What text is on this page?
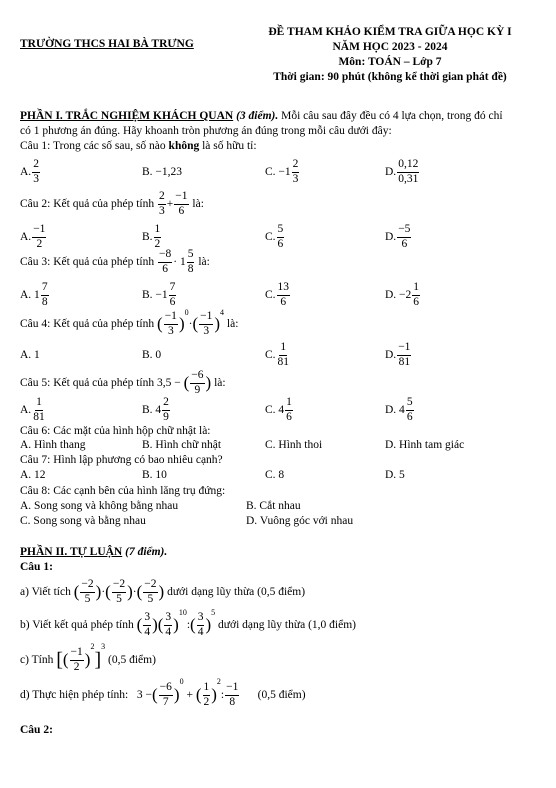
TRƯỜNG THCS HAI BÀ TRƯNG
ĐỀ THAM KHẢO KIỂM TRA GIỮA HỌC KỲ I
NĂM HỌC 2023 - 2024
Môn: TOÁN – Lớp 7
Thời gian: 90 phút (không kể thời gian phát đề)
PHẦN I. TRẮC NGHIỆM KHÁCH QUAN (3 điểm). Mỗi câu sau đây đều có 4 lựa chọn, trong đó chỉ
có 1 phương án đúng. Hãy khoanh tròn phương án đúng trong mỗi câu dưới đây:
Câu 1: Trong các số sau, số nào không là số hữu tỉ:
A. $\frac{2}{3}$	B. −1,23	C. $-1 \frac{2}{3}$	D. $\frac{0,12}{0,31}$
Câu 2: Kết quả của phép tính
$\frac{2}{3} + \frac{-1}{6}$
là:
A. $\frac{-1}{2}$	B. $\frac{1}{2}$	C. $\frac{5}{6}$	D. $\frac{-5}{6}$
Câu 3: Kết quả của phép tính
$\frac{-8}{6} \cdot 1 \frac{5}{8}$
là:
A. $1 \frac{7}{8}$	B. $-1 \frac{7}{6}$	C. $\frac{13}{6}$	D. $-2 \frac{1}{6}$
Câu 4: Kết quả của phép tính
( $\frac{-1}{3}$ )
0
· ( $\frac{-1}{3}$ )
4

là:
A. 1	B. 0	C. $\frac{1}{81}$	D. $\frac{-1}{81}$
Câu 5: Kết quả của phép tính 3,5 −
( $\frac{-6}{9}$ )
là:
A. $\frac{1}{81}$	B. $4 \frac{2}{9}$	C. $4 \frac{1}{6}$	D. $4 \frac{5}{6}$
Câu 6: Các mặt của hình hộp chữ nhật là:
A. Hình thang	B. Hình chữ nhật	C. Hình thoi	D. Hình tam giác
Câu 7: Hình lập phương có bao nhiêu cạnh?
A. 12	B. 10	C. 8	D. 5
Câu 8: Các cạnh bên của hình lăng trụ đứng:
A. Song song và không bằng nhau	B. Cắt nhau
C. Song song và bằng nhau	D. Vuông góc với nhau
PHẦN II. TỰ LUẬN (7 điểm).
Câu 1:
a) Viết tích
( $\frac{-2}{5}$ ) · ( $\frac{-2}{5}$ ) · ( $\frac{-2}{5}$ )
dưới dạng lũy thừa (0,5 điểm)
b) Viết kết quả phép tính
( $\frac{3}{4}$ ) ( $\frac{3}{4}$ )
10
: ( $\frac{3}{4}$ )
5

dưới dạng lũy thừa (1,0 điểm)
c) Tính
[ ( $\frac{-1}{2}$ )
2
]
3

(0,5 điểm)
d) Thực hiện phép tính:
3 − ( $\frac{-6}{7}$ )
0

+
( $\frac{1}{2}$ )
2
: $\frac{-1}{8}$
(0,5 điểm)
Câu 2:
